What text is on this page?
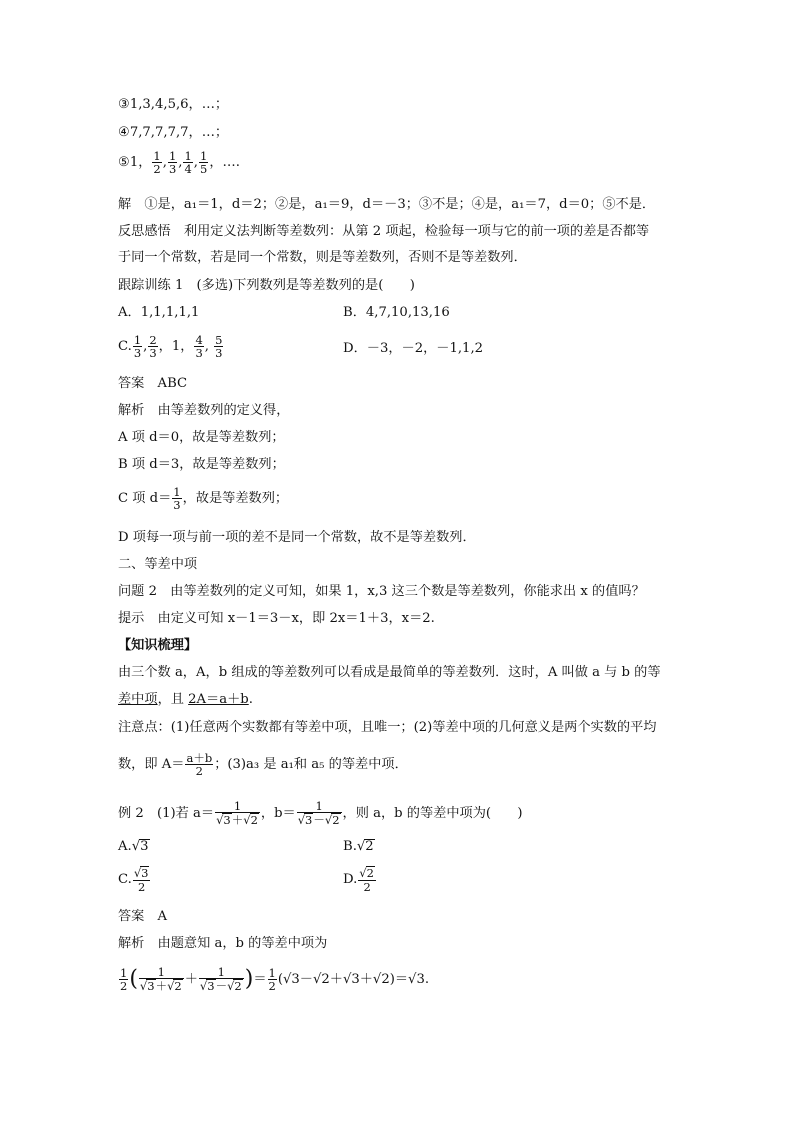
③1,3,4,5,6，…；
④7,7,7,7,7，…；
⑤1， $\frac{1}{2}$ , $\frac{1}{3}$ , $\frac{1}{4}$ , $\frac{1}{5}$ ，….
解　①是，a₁＝1，d＝2；②是，a₁＝9，d＝－3；③不是；④是，a₁＝7，d＝0；⑤不是．
反思感悟　利用定义法判断等差数列：从第 2 项起，检验每一项与它的前一项的差是否都等
于同一个常数，若是同一个常数，则是等差数列，否则不是等差数列．
跟踪训练 1　(多选)下列数列是等差数列的是(　　)
A．1,1,1,1,1	B．4,7,10,13,16
C. $\frac{1}{3}$ , $\frac{2}{3}$ ，1， $\frac{4}{3}$ , $\frac{5}{3}$	D．－3，－2，－1,1,2
答案　ABC
解析　由等差数列的定义得，
A 项 d＝0，故是等差数列；
B 项 d＝3，故是等差数列；
C 项 $d= \frac{1}{3}$ ，故是等差数列；
D 项每一项与前一项的差不是同一个常数，故不是等差数列．
二、等差中项
问题 2　由等差数列的定义可知，如果 1，x,3 这三个数是等差数列，你能求出 x 的值吗？
提示　由定义可知 x－1＝3－x，即 2x＝1＋3，x＝2.
【知识梳理】
由三个数 a，A，b 组成的等差数列可以看成是最简单的等差数列．这时，A 叫做 a 与 b 的等
差中项，且 2A＝a＋b.
注意点：(1)任意两个实数都有等差中项，且唯一；(2)等差中项的几何意义是两个实数的平均
数，即 $A= \frac{a+b}{2}$ ；(3)a₃ 是 a₁和 a₅ 的等差中项．
例 2　(1)若 $a= \frac{1}{√3+√2}$ ，$b= \frac{1}{√3-√2}$ ，则 a，b 的等差中项为(　　)
A.√3	B.√2
C. $\frac{√3}{2}$	D. $\frac{√2}{2}$
答案　A
解析　由题意知 a，b 的等差中项为
$\frac{1}{2}$ ( $\frac{1}{√3+√2} + \frac{1}{√3-√2}$ )＝ $\frac{1}{2} (√3-√2+√3+√2)=√3$.
